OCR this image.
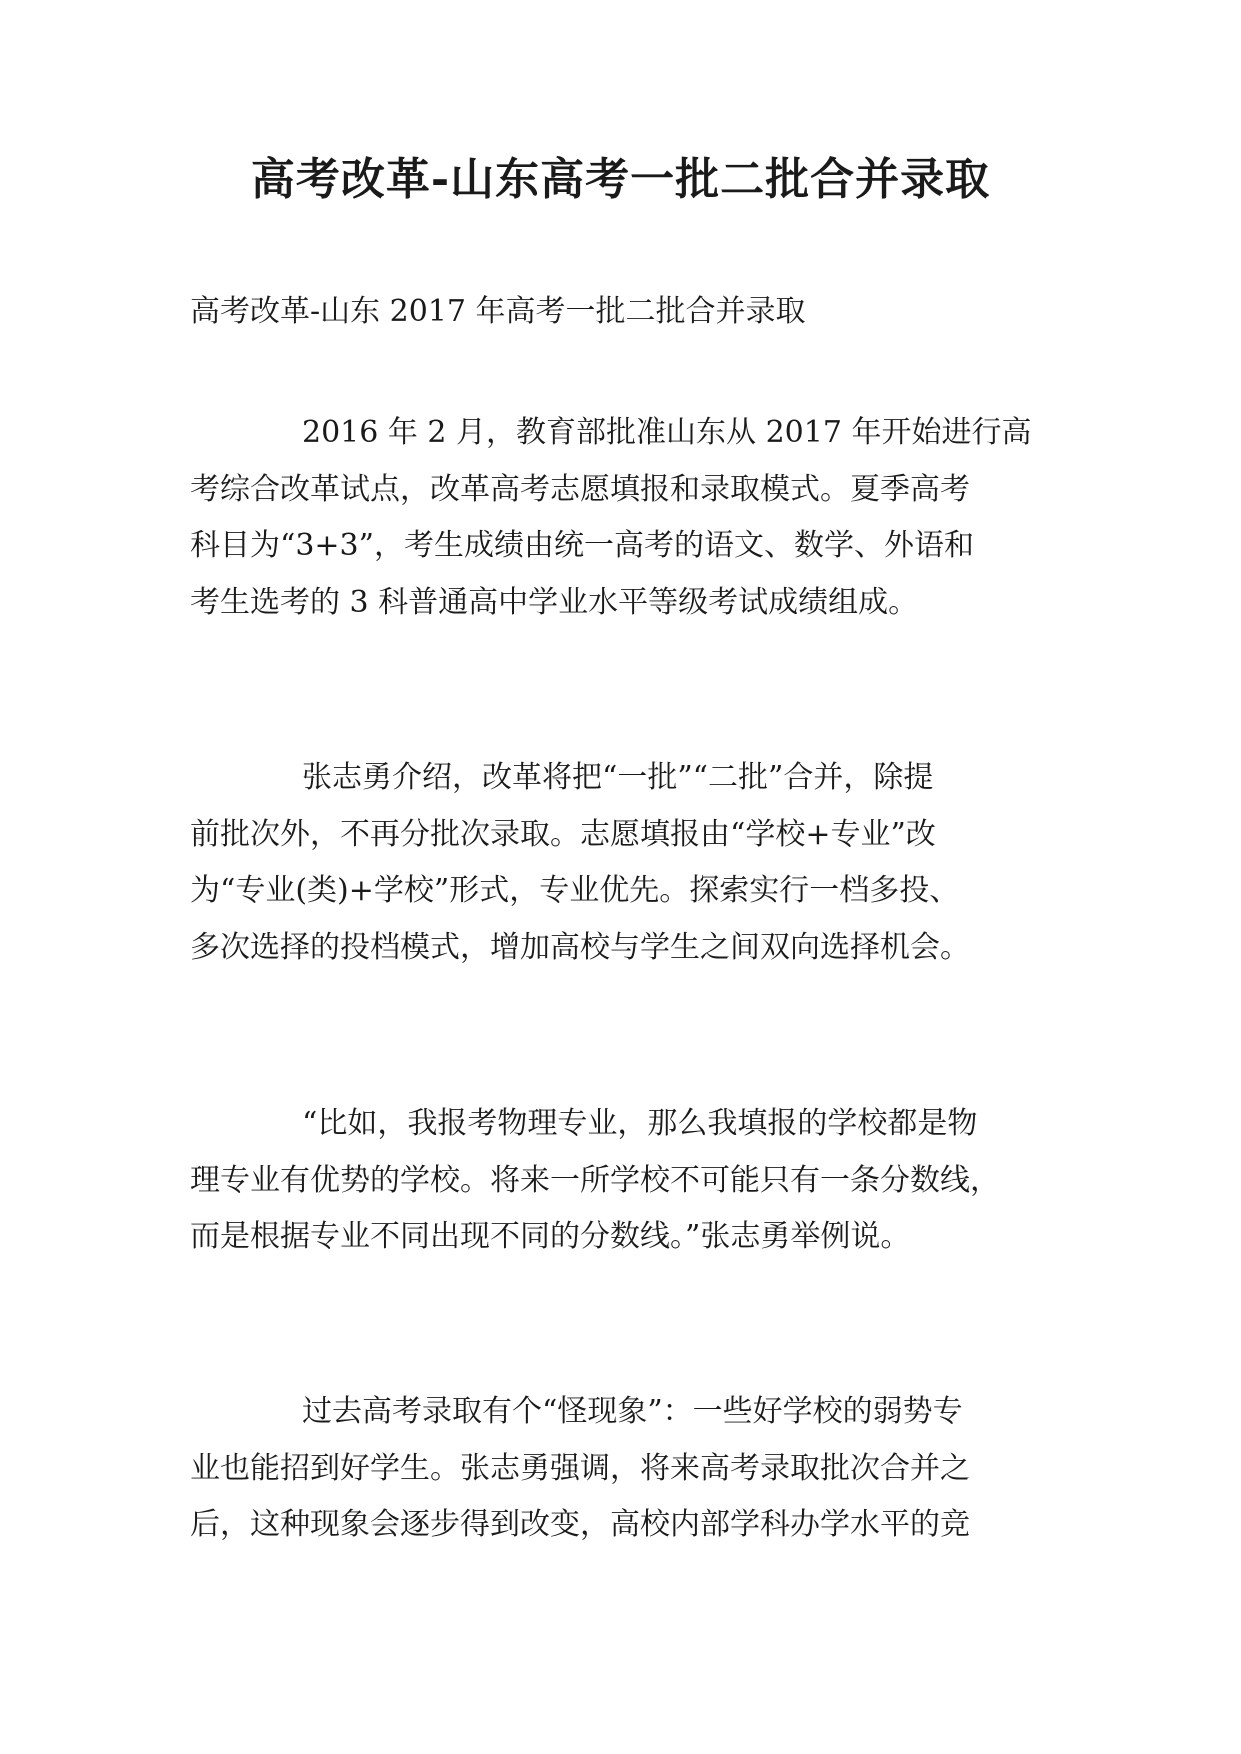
高考改革-山东高考一批二批合并录取

高考改革-山东 2017 年高考一批二批合并录取

2016 年 2 月，教育部批准山东从 2017 年开始进行高
考综合改革试点，改革高考志愿填报和录取模式。夏季高考
科目为“3+3”，考生成绩由统一高考的语文、数学、外语和
考生选考的 3 科普通高中学业水平等级考试成绩组成。

张志勇介绍，改革将把“一批”“二批”合并，除提
前批次外，不再分批次录取。志愿填报由“学校+专业”改
为“专业(类)+学校”形式，专业优先。探索实行一档多投、
多次选择的投档模式，增加高校与学生之间双向选择机会。

“比如，我报考物理专业，那么我填报的学校都是物
理专业有优势的学校。将来一所学校不可能只有一条分数线，
而是根据专业不同出现不同的分数线。”张志勇举例说。

过去高考录取有个“怪现象”：一些好学校的弱势专
业也能招到好学生。张志勇强调，将来高考录取批次合并之
后，这种现象会逐步得到改变，高校内部学科办学水平的竞
